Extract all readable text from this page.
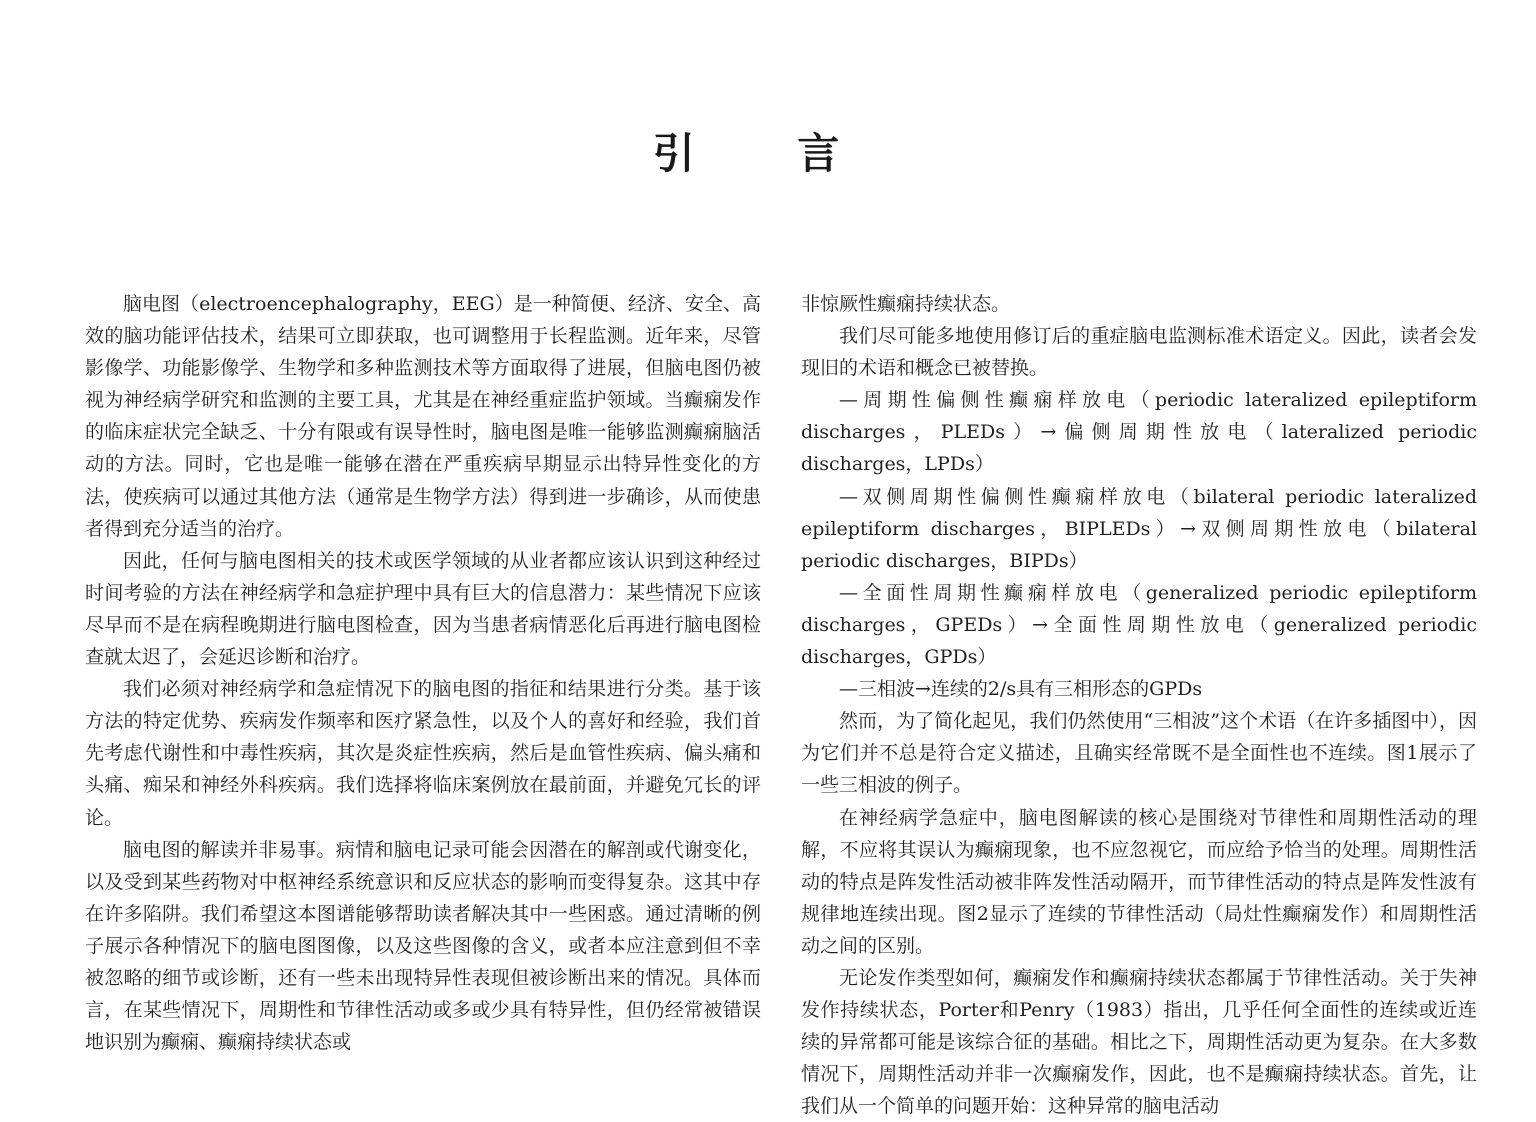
引 言

脑电图（electroencephalography，EEG）是一种简便、经济、安全、高效的脑功能评估技术，结果可立即获取，也可调整用于长程监测。近年来，尽管影像学、功能影像学、生物学和多种监测技术等方面取得了进展，但脑电图仍被视为神经病学研究和监测的主要工具，尤其是在神经重症监护领域。当癫痫发作的临床症状完全缺乏、十分有限或有误导性时，脑电图是唯一能够监测癫痫脑活动的方法。同时，它也是唯一能够在潜在严重疾病早期显示出特异性变化的方法，使疾病可以通过其他方法（通常是生物学方法）得到进一步确诊，从而使患者得到充分适当的治疗。

因此，任何与脑电图相关的技术或医学领域的从业者都应该认识到这种经过时间考验的方法在神经病学和急症护理中具有巨大的信息潜力：某些情况下应该尽早而不是在病程晚期进行脑电图检查，因为当患者病情恶化后再进行脑电图检查就太迟了，会延迟诊断和治疗。

我们必须对神经病学和急症情况下的脑电图的指征和结果进行分类。基于该方法的特定优势、疾病发作频率和医疗紧急性，以及个人的喜好和经验，我们首先考虑代谢性和中毒性疾病，其次是炎症性疾病，然后是血管性疾病、偏头痛和头痛、痴呆和神经外科疾病。我们选择将临床案例放在最前面，并避免冗长的评论。

脑电图的解读并非易事。病情和脑电记录可能会因潜在的解剖或代谢变化，以及受到某些药物对中枢神经系统意识和反应状态的影响而变得复杂。这其中存在许多陷阱。我们希望这本图谱能够帮助读者解决其中一些困惑。通过清晰的例子展示各种情况下的脑电图图像，以及这些图像的含义，或者本应注意到但不幸被忽略的细节或诊断，还有一些未出现特异性表现但被诊断出来的情况。具体而言，在某些情况下，周期性和节律性活动或多或少具有特异性，但仍经常被错误地识别为癫痫、癫痫持续状态或

非惊厥性癫痫持续状态。

我们尽可能多地使用修订后的重症脑电监测标准术语定义。因此，读者会发现旧的术语和概念已被替换。

—周期性偏侧性癫痫样放电（periodic lateralized epileptiform discharges，PLEDs）→偏侧周期性放电（lateralized periodic discharges，LPDs）

—双侧周期性偏侧性癫痫样放电（bilateral periodic lateralized epileptiform discharges，BIPLEDs）→双侧周期性放电（bilateral periodic discharges，BIPDs）

—全面性周期性癫痫样放电（generalized periodic epileptiform discharges，GPEDs）→全面性周期性放电（generalized periodic discharges，GPDs）

—三相波→连续的2/s具有三相形态的GPDs

然而，为了简化起见，我们仍然使用“三相波”这个术语（在许多插图中），因为它们并不总是符合定义描述，且确实经常既不是全面性也不连续。图1展示了一些三相波的例子。

在神经病学急症中，脑电图解读的核心是围绕对节律性和周期性活动的理解，不应将其误认为癫痫现象，也不应忽视它，而应给予恰当的处理。周期性活动的特点是阵发性活动被非阵发性活动隔开，而节律性活动的特点是阵发性波有规律地连续出现。图2显示了连续的节律性活动（局灶性癫痫发作）和周期性活动之间的区别。

无论发作类型如何，癫痫发作和癫痫持续状态都属于节律性活动。关于失神发作持续状态，Porter和Penry（1983）指出，几乎任何全面性的连续或近连续的异常都可能是该综合征的基础。相比之下，周期性活动更为复杂。在大多数情况下，周期性活动并非一次癫痫发作，因此，也不是癫痫持续状态。首先，让我们从一个简单的问题开始：这种异常的脑电活动
